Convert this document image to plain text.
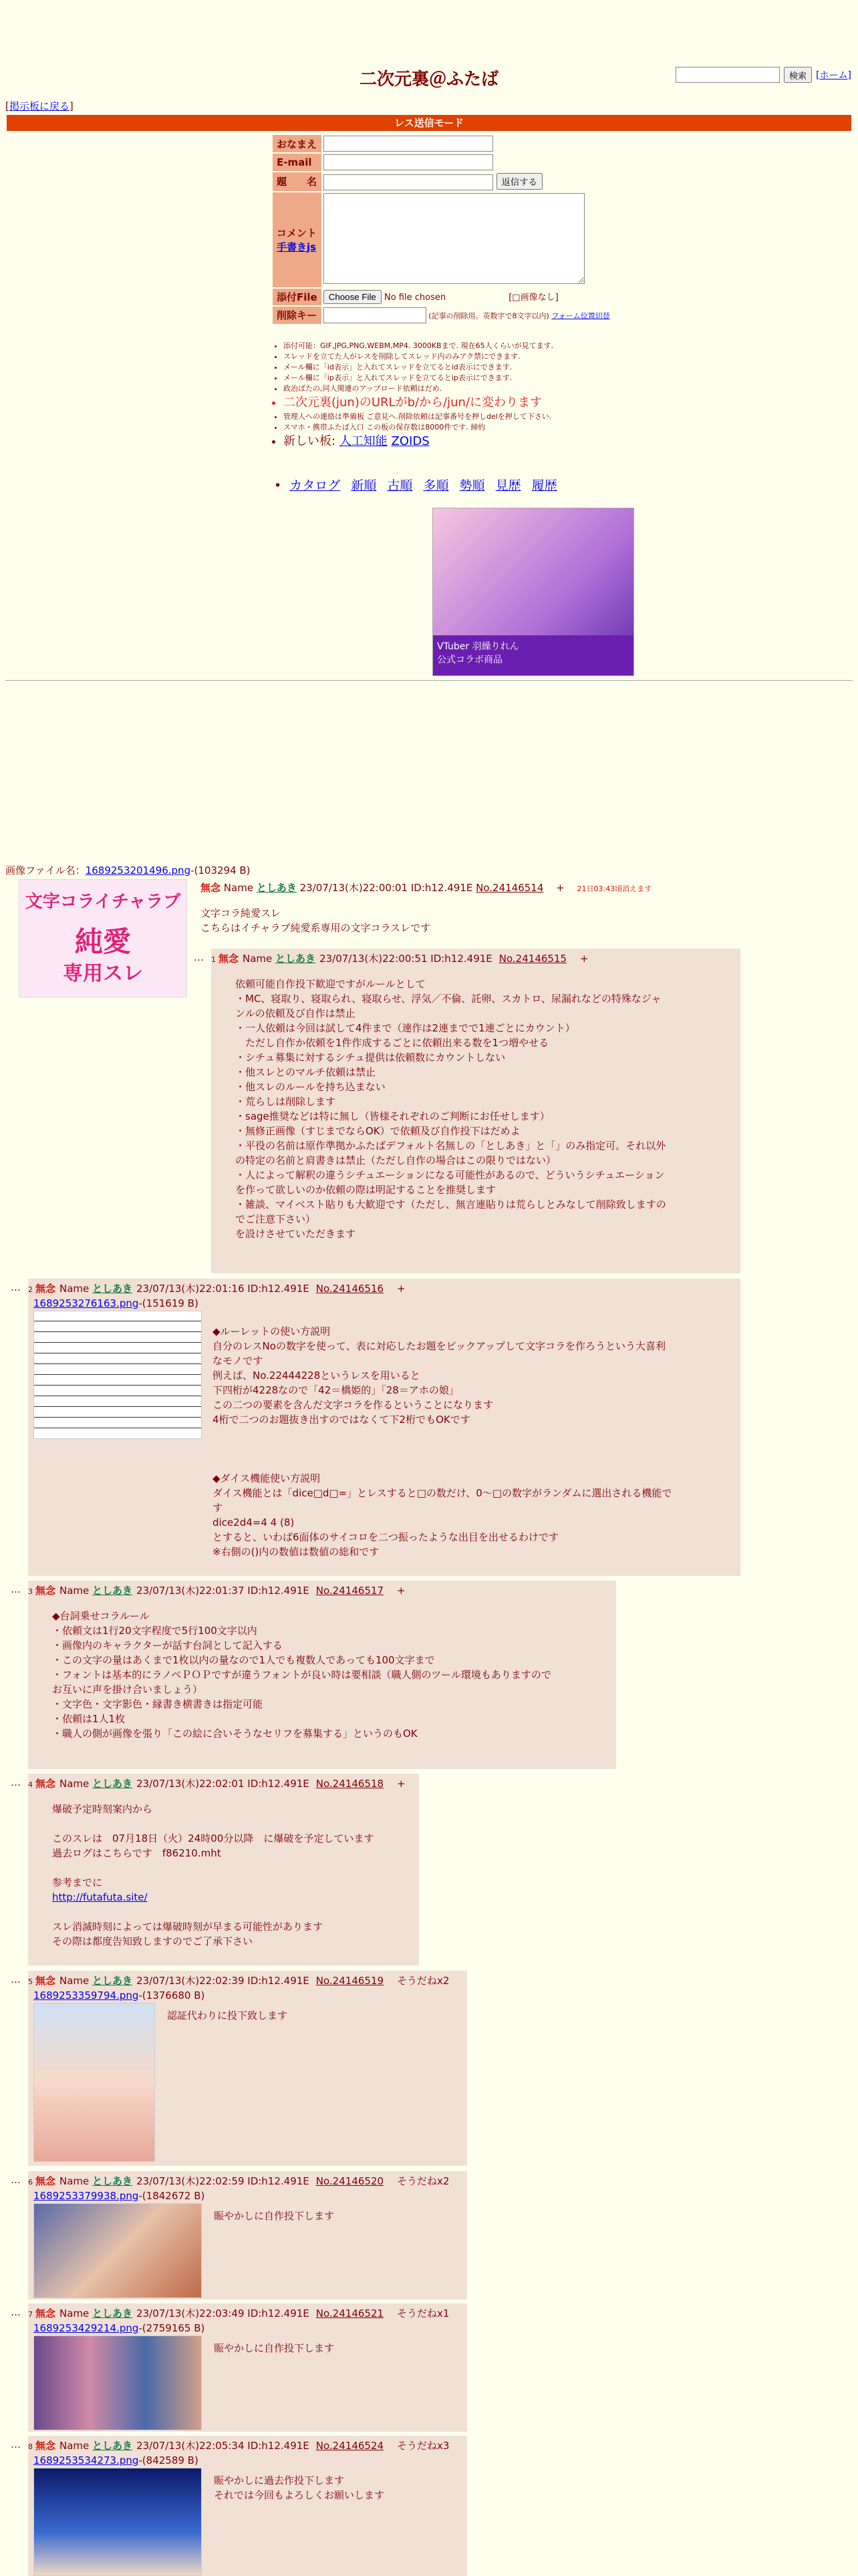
二次元裏＠ふたば	検索	[ホーム]
[掲示板に戻る]
レス送信モード
おなまえ	
E-mail	
題　　名	返信する
コメント
手書きjs	
添付File	Choose File No file chosen [□画像なし]
削除キー	(記事の削除用。英数字で8文字以内) フォーム位置切替
• 添付可能：GIF,JPG,PNG,WEBM,MP4. 3000KBまで. 現在65人くらいが見てます.
• スレッドを立てた人がレスを削除してスレッド内のみアク禁にできます.
• メール欄に「id表示」と入れてスレッドを立てるとid表示にできます.
• メール欄に「ip表示」と入れてスレッドを立てるとip表示にできます.
• 政治ばたの,同人関連のアップロード依頼はだめ.
• 二次元裏(jun)のURLがb/から/jun/に変わります
• 管理人への連絡は準備板 ご意見へ.削除依頼は記事番号を押しdelを押して下さい.
• スマホ・携帯ふたば入口 この板の保存数は8000件です. 締約
• 新しい板: 人工知能 ZOIDS
•  カタログ 新順 古順 多順 勢順 見歴 履歴
VTuber 羽繰りれん
公式コラボ商品
画像ファイル名：1689253201496.png-(103294 B)
文字コライチャラブ
純愛
専用スレ
無念 Name としあき 23/07/13(木)22:00:01 ID:h12.491E No.24146514 + 21日03:43頃消えます
文字コラ純愛スレ
こちらはイチャラブ純愛系専用の文字コラスレです
… 1 無念 Name としあき 23/07/13(木)22:00:51 ID:h12.491E No.24146515 +
依頼可能自作投下歓迎ですがルールとして
・MC、寝取り、寝取られ、寝取らせ、浮気／不倫、託卵、スカトロ、尿漏れなどの特殊なジャ
ンルの依頼及び自作は禁止
・一人依頼は今回は試して4件まで（連作は2連までで1連ごとにカウント）
　ただし自作か依頼を1件作成するごとに依頼出来る数を1つ増やせる
・シチュ募集に対するシチュ提供は依頼数にカウントしない
・他スレとのマルチ依頼は禁止
・他スレのルールを持ち込まない
・荒らしは削除します
・sage推奨などは特に無し（皆様それぞれのご判断にお任せします）
・無修正画像（すじまでならOK）で依頼及び自作投下はだめよ
・平役の名前は原作準拠かふたばデフォルト名無しの「としあき」と「」のみ指定可。それ以外
の特定の名前と肩書きは禁止（ただし自作の場合はこの限りではない）
・人によって解釈の違うシチュエーションになる可能性があるので、どういうシチュエーション
を作って欲しいのか依頼の際は明記することを推奨します
・雑談、マイベスト貼りも大歓迎です（ただし、無言連貼りは荒らしとみなして削除致しますの
でご注意下さい）
を設けさせていただきます
… 2 無念 Name としあき 23/07/13(木)22:01:16 ID:h12.491E No.24146516 +
1689253276163.png-(151619 B)
◆ルーレットの使い方説明
自分のレスNoの数字を使って、表に対応したお題をピックアップして文字コラを作ろうという大喜利
なモノです
例えば、No.22444228というレスを用いると
下四桁が4228なので「42＝橋姫的」「28＝アホの娘」
この二つの要素を含んだ文字コラを作るということになります
4桁で二つのお題抜き出すのではなくて下2桁でもOKです

◆ダイス機能使い方説明
ダイス機能とは「dice□d□=」とレスすると□の数だけ、0〜□の数字がランダムに選出される機能で
す
dice2d4=4 4 (8)
とすると、いわば6面体のサイコロを二つ振ったような出目を出せるわけです
※右側の()内の数値は数値の総和です
… 3 無念 Name としあき 23/07/13(木)22:01:37 ID:h12.491E No.24146517 +
◆台詞乗せコラルール
・依頼文は1行20文字程度で5行100文字以内
・画像内のキャラクターが話す台詞として記入する
・この文字の量はあくまで1枚以内の量なので1人でも複数人であっても100文字まで
・フォントは基本的にラノベＰＯＰですが違うフォントが良い時は要相談（職人側のツール環境もありますので
お互いに声を掛け合いましょう）
・文字色・文字影色・縁書き横書きは指定可能
・依頼は1人1枚
・職人の側が画像を張り「この絵に合いそうなセリフを募集する」というのもOK
… 4 無念 Name としあき 23/07/13(木)22:02:01 ID:h12.491E No.24146518 +
爆破予定時刻案内から

このスレは　07月18日（火）24時00分以降　に爆破を予定しています
過去ログはこちらです　f86210.mht

参考までに
http://futafuta.site/

スレ消滅時刻によっては爆破時刻が早まる可能性があります
その際は都度告知致しますのでご了承下さい
… 5 無念 Name としあき 23/07/13(木)22:02:39 ID:h12.491E No.24146519 そうだねx2
1689253359794.png-(1376680 B)
認証代わりに投下致します
… 6 無念 Name としあき 23/07/13(木)22:02:59 ID:h12.491E No.24146520 そうだねx2
1689253379938.png-(1842672 B)
賑やかしに自作投下します
… 7 無念 Name としあき 23/07/13(木)22:03:49 ID:h12.491E No.24146521 そうだねx1
1689253429214.png-(2759165 B)
賑やかしに自作投下します
… 8 無念 Name としあき 23/07/13(木)22:05:34 ID:h12.491E No.24146524 そうだねx3
1689253534273.png-(842589 B)
賑やかしに過去作投下します
それでは今回もよろしくお願いします
